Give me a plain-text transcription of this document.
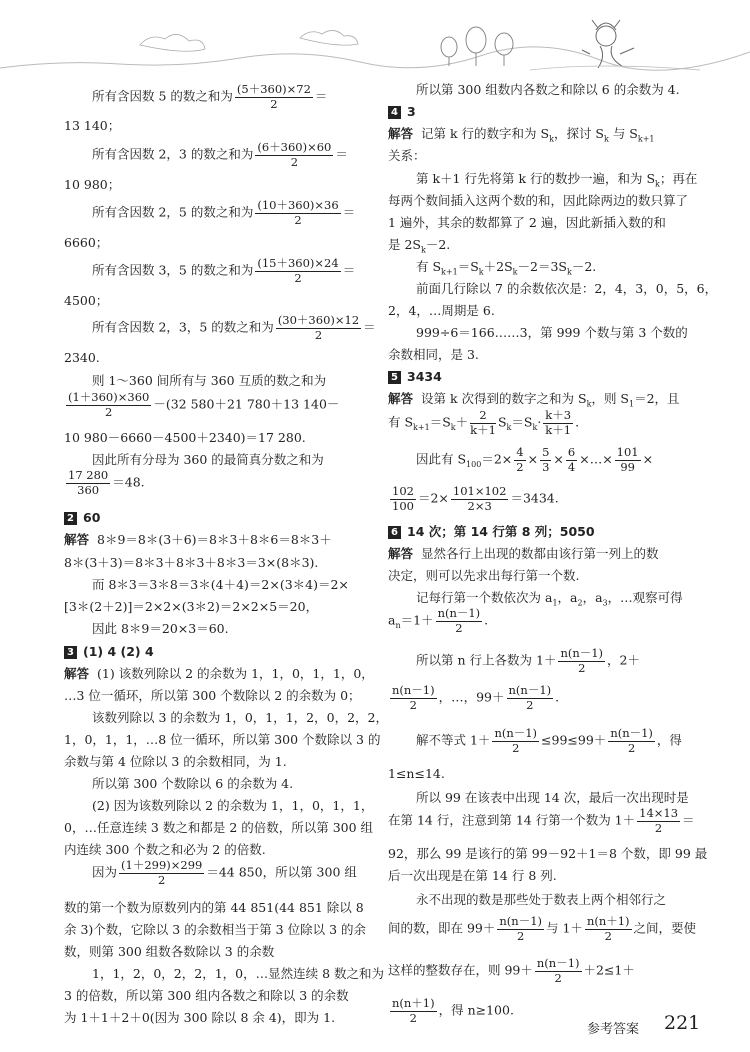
所有含因数 5 的数之和为 $\frac{(5+360)\times 72}{2}$ ＝
13 140；
所有含因数 2，3 的数之和为 $\frac{(6+360)\times 60}{2}$ ＝
10 980；
所有含因数 2，5 的数之和为 $\frac{(10+360)\times 36}{2}$ ＝
6660；
所有含因数 3，5 的数之和为 $\frac{(15+360)\times 24}{2}$ ＝
4500；
所有含因数 2，3，5 的数之和为 $\frac{(30+360)\times 12}{2}$ ＝
2340.
则 1～360 间所有与 360 互质的数之和为
$\frac{(1+360)\times 360}{2} -(32$ 580＋21 780＋13 140－
10 980－6660－4500＋2340)＝17 280.
因此所有分母为 360 的最简真分数之和为
$\frac{17 280}{360} =48$.
2 60
解答 8＊9＝8＊(3＋6)＝8＊3＋8＊6＝8＊3＋
8＊(3＋3)＝8＊3＋8＊3＋8＊3＝3×(8＊3).
而 8＊3＝3＊8＝3＊(4＋4)＝2×(3＊4)＝2×
[3＊(2＋2)]＝2×2×(3＊2)＝2×2×5＝20，
因此 8＊9＝20×3＝60.
3 (1) 4 (2) 4
解答 (1) 该数列除以 2 的余数为 1，1，0，1，1，0，
…3 位一循环，所以第 300 个数除以 2 的余数为 0；
该数列除以 3 的余数为 1，0，1，1，2，0，2，2，
1，0，1，1，…8 位一循环，所以第 300 个数除以 3 的
余数与第 4 位除以 3 的余数相同，为 1.
所以第 300 个数除以 6 的余数为 4.
(2) 因为该数列除以 2 的余数为 1，1，0，1，1，
0，…任意连续 3 数之和都是 2 的倍数，所以第 300 组
内连续 300 个数之和必为 2 的倍数.
因为 $\frac{(1+299)\times 299}{2} =44$ 850，所以第 300 组
数的第一个数为原数列内的第 44 851(44 851 除以 8
余 3)个数，它除以 3 的余数相当于第 3 位除以 3 的余
数，则第 300 组数各数除以 3 的余数
1，1，2，0，2，2，1，0，…显然连续 8 数之和为
3 的倍数，所以第 300 组内各数之和除以 3 的余数
为 1＋1＋2＋0(因为 300 除以 8 余 4)，即为 1.
所以第 300 组数内各数之和除以 6 的余数为 4.
4 3
解答 记第 k 行的数字和为 $S_k$，探讨 $S_k$ 与 $S_{k+1}$
关系：
第 k＋1 行先将第 k 行的数抄一遍，和为 $S_k$；再在
每两个数间插入这两个数的和，因此除两边的数只算了
1 遍外，其余的数都算了 2 遍，因此新插入数的和
是 $2S_k-2$.
有 $S_{k+1}=S_k+2S_k-2=3S_k-2$.
前面几行除以 7 的余数依次是：2，4，3，0，5，6，
2，4，…周期是 6.
999÷6＝166……3，第 999 个数与第 3 个数的
余数相同，是 3.
5 3434
解答 设第 k 次得到的数字之和为 $S_k$，则 $S_1=2$，且
有 $S_{k+1}=S_k+ \frac{2}{k+1} S_k=S_k\cdot \frac{k+3}{k+1}$ .
因此有 $S_{100}=2\times \frac{4}{2} \times \frac{5}{3} \times \frac{6}{4}$ ×…× $\frac{101}{99}$ ×
$\frac{102}{100} =2\times \frac{101\times 102}{2\times 3} =3434$.
6 14 次；第 14 行第 8 列；5050
解答 显然各行上出现的数都由该行第一列上的数
决定，则可以先求出每行第一个数.
记每行第一个数依次为 $a_1$，$a_2$，$a_3$，…观察可得
$a_n=1+ \frac{n(n-1)}{2}$ .
所以第 n 行上各数为 $1+ \frac{n(n-1)}{2}$ ，2＋
$\frac{n(n-1)}{2}$ ，…，$99+ \frac{n(n-1)}{2}$ .
解不等式 $1+ \frac{n(n-1)}{2} \le 99\le 99+ \frac{n(n-1)}{2}$ ，得
1≤n≤14.
所以 99 在该表中出现 14 次，最后一次出现时是
在第 14 行，注意到第 14 行第一个数为 $1+ \frac{14\times 13}{2}$ ＝
92，那么 99 是该行的第 99－92＋1＝8 个数，即 99 最
后一次出现是在第 14 行 8 列.
永不出现的数是那些处于数表上两个相邻行之
间的数，即在 $99+ \frac{n(n-1)}{2}$ 与 $1+ \frac{n(n+1)}{2}$ 之间，要使
这样的整数存在，则 $99+ \frac{n(n-1)}{2} +2\le 1+$
$\frac{n(n+1)}{2}$ ，得 n≥100.
参考答案 221
